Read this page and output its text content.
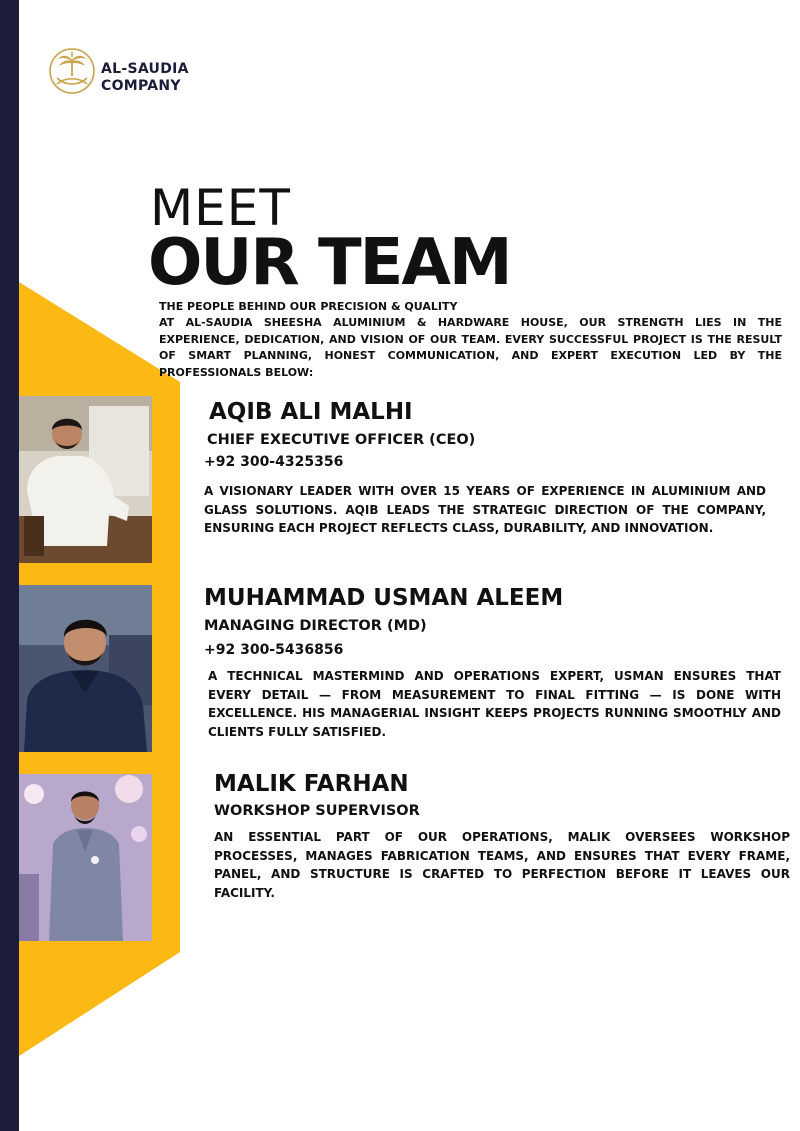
AL-SAUDIA
COMPANY
MEET
OUR TEAM
THE PEOPLE BEHIND OUR PRECISION & QUALITY
AT AL-SAUDIA SHEESHA ALUMINIUM & HARDWARE HOUSE, OUR STRENGTH LIES IN THE EXPERIENCE, DEDICATION, AND VISION OF OUR TEAM. EVERY SUCCESSFUL PROJECT IS THE RESULT OF SMART PLANNING, HONEST COMMUNICATION, AND EXPERT EXECUTION LED BY THE PROFESSIONALS BELOW:
AQIB ALI MALHI
CHIEF EXECUTIVE OFFICER (CEO)
+92 300-4325356
A VISIONARY LEADER WITH OVER 15 YEARS OF EXPERIENCE IN ALUMINIUM AND GLASS SOLUTIONS. AQIB LEADS THE STRATEGIC DIRECTION OF THE COMPANY, ENSURING EACH PROJECT REFLECTS CLASS, DURABILITY, AND INNOVATION.
MUHAMMAD USMAN ALEEM
MANAGING DIRECTOR (MD)
+92 300-5436856
A TECHNICAL MASTERMIND AND OPERATIONS EXPERT, USMAN ENSURES THAT EVERY DETAIL — FROM MEASUREMENT TO FINAL FITTING — IS DONE WITH EXCELLENCE. HIS MANAGERIAL INSIGHT KEEPS PROJECTS RUNNING SMOOTHLY AND CLIENTS FULLY SATISFIED.
MALIK FARHAN
WORKSHOP SUPERVISOR
AN ESSENTIAL PART OF OUR OPERATIONS, MALIK OVERSEES WORKSHOP PROCESSES, MANAGES FABRICATION TEAMS, AND ENSURES THAT EVERY FRAME, PANEL, AND STRUCTURE IS CRAFTED TO PERFECTION BEFORE IT LEAVES OUR FACILITY.
